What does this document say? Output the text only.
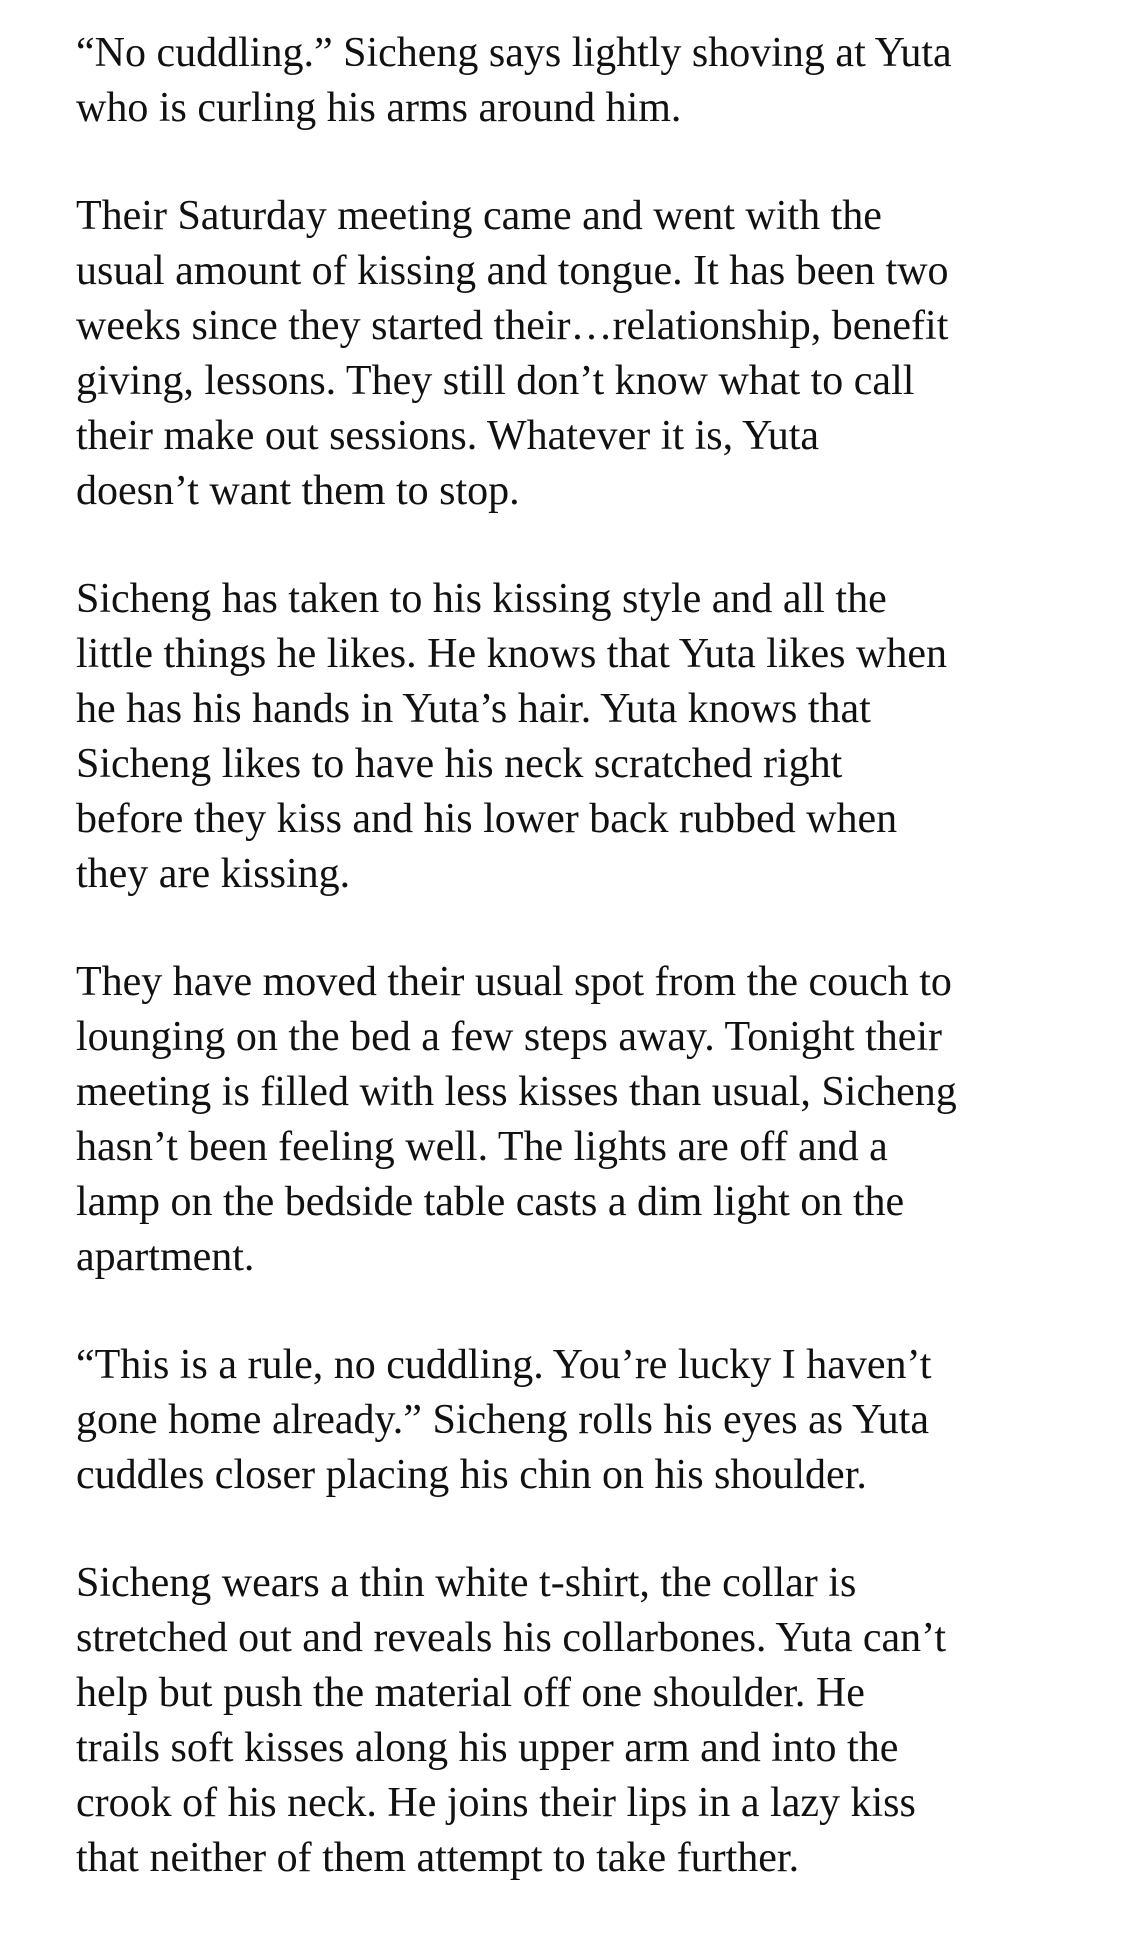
“No cuddling.” Sicheng says lightly shoving at Yuta
who is curling his arms around him.

Their Saturday meeting came and went with the
usual amount of kissing and tongue. It has been two
weeks since they started their…relationship, benefit
giving, lessons. They still don’t know what to call
their make out sessions. Whatever it is, Yuta
doesn’t want them to stop.

Sicheng has taken to his kissing style and all the
little things he likes. He knows that Yuta likes when
he has his hands in Yuta’s hair. Yuta knows that
Sicheng likes to have his neck scratched right
before they kiss and his lower back rubbed when
they are kissing.

They have moved their usual spot from the couch to
lounging on the bed a few steps away. Tonight their
meeting is filled with less kisses than usual, Sicheng
hasn’t been feeling well. The lights are off and a
lamp on the bedside table casts a dim light on the
apartment.

“This is a rule, no cuddling. You’re lucky I haven’t
gone home already.” Sicheng rolls his eyes as Yuta
cuddles closer placing his chin on his shoulder.

Sicheng wears a thin white t-shirt, the collar is
stretched out and reveals his collarbones. Yuta can’t
help but push the material off one shoulder. He
trails soft kisses along his upper arm and into the
crook of his neck. He joins their lips in a lazy kiss
that neither of them attempt to take further.
